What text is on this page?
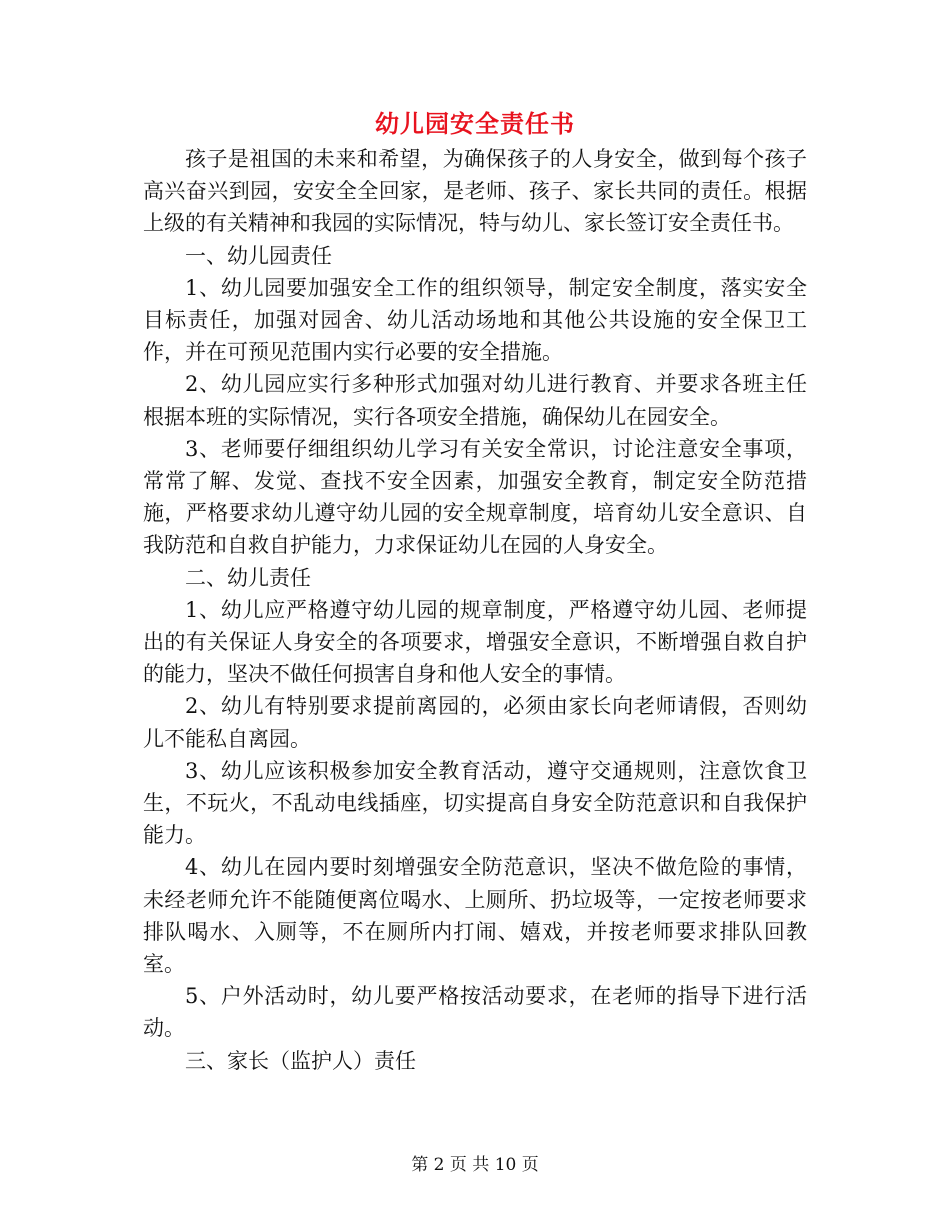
幼儿园安全责任书

孩子是祖国的未来和希望，为确保孩子的人身安全，做到每个孩子高兴奋兴到园，安安全全回家，是老师、孩子、家长共同的责任。根据上级的有关精神和我园的实际情况，特与幼儿、家长签订安全责任书。

一、幼儿园责任

1、幼儿园要加强安全工作的组织领导，制定安全制度，落实安全目标责任，加强对园舍、幼儿活动场地和其他公共设施的安全保卫工作，并在可预见范围内实行必要的安全措施。

2、幼儿园应实行多种形式加强对幼儿进行教育、并要求各班主任根据本班的实际情况，实行各项安全措施，确保幼儿在园安全。

3、老师要仔细组织幼儿学习有关安全常识，讨论注意安全事项，常常了解、发觉、查找不安全因素，加强安全教育，制定安全防范措施，严格要求幼儿遵守幼儿园的安全规章制度，培育幼儿安全意识、自我防范和自救自护能力，力求保证幼儿在园的人身安全。

二、幼儿责任

1、幼儿应严格遵守幼儿园的规章制度，严格遵守幼儿园、老师提出的有关保证人身安全的各项要求，增强安全意识，不断增强自救自护的能力，坚决不做任何损害自身和他人安全的事情。

2、幼儿有特别要求提前离园的，必须由家长向老师请假，否则幼儿不能私自离园。

3、幼儿应该积极参加安全教育活动，遵守交通规则，注意饮食卫生，不玩火，不乱动电线插座，切实提高自身安全防范意识和自我保护能力。

4、幼儿在园内要时刻增强安全防范意识，坚决不做危险的事情，未经老师允许不能随便离位喝水、上厕所、扔垃圾等，一定按老师要求排队喝水、入厕等，不在厕所内打闹、嬉戏，并按老师要求排队回教室。

5、户外活动时，幼儿要严格按活动要求，在老师的指导下进行活动。

三、家长（监护人）责任

第 2 页 共 10 页
